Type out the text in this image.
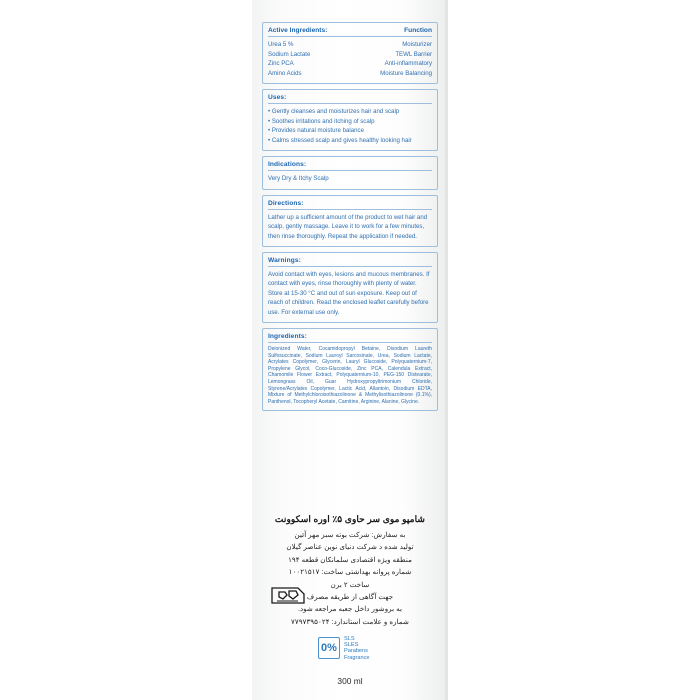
Active Ingredients:	Function
Urea 5 %	Moisturizer
Sodium Lactate	TEWL Barrier
Zinc PCA	Anti-inflammatory
Amino Acids	Moisture Balancing
Uses:
• Gently cleanses and moisturizes hair and scalp
• Soothes irritations and itching of scalp
• Provides natural moisture balance
• Calms stressed scalp and gives healthy looking hair
Indications:
Very Dry & Itchy Scalp
Directions:
Lather up a sufficient amount of the product to wet hair and scalp, gently massage. Leave it to work for a few minutes, then rinse thoroughly. Repeat the application if needed.
Warnings:
Avoid contact with eyes, lesions and mucous membranes. If contact with eyes, rinse thoroughly with plenty of water. Store at 15-30 °C and out of sun exposure. Keep out of reach of children. Read the enclosed leaflet carefully before use. For external use only.
Ingredients:
Deionized Water, Cocamidopropyl Betaine, Disodium Laureth Sulfosuccinate, Sodium Lauroyl Sarcosinate, Urea, Sodium Lactate, Acrylates Copolymer, Glycerin, Lauryl Glucoside, Polyquaternium-7, Propylene Glycol, Coco-Glucoside, Zinc PCA, Calendula Extract, Chamomile Flower Extract, Polyquaternium-10, PEG-150 Distearate, Lemongrass Oil, Guar Hydroxypropyltrimonium Chloride, Styrene/Acrylates Copolymer, Lactic Acid, Allantoin, Disodium EDTA, Mixture of Methylchloroisothiazolinone & Methylisothiazolinone (0.1%), Panthenol, Tocopheryl Acetate, Carnitine, Arginine, Alanine, Glycine.
شامپو موی سر حاوی ۵٪ اوره اسکوونت
به سفارش: شرکت بوته سبز مهر آئین
تولید شده د شرکت دنیای نوین عناصر گیلان
منطقه ویژه اقتصادی سلمانکان قطعه ۱۹۴
شماره پروانه بهداشتی ساخت: ۱۰۰۲۱۵۱۷
ساخت ۲ برن
جهت آگاهی از طریقه مصرف
به بروشور داخل جعبه مراجعه شود.
شماره و علامت استاندارد: ۷۷۹۷۳۹۵۰۲۴
0%
SLS
SLES
Parabens
Fragrance
300 ml
